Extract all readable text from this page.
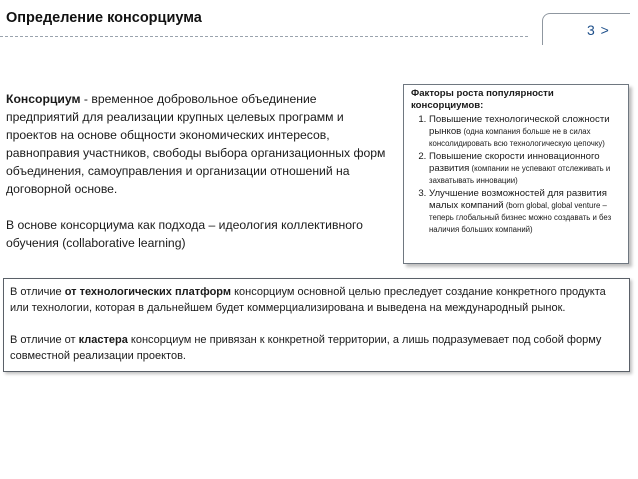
Определение консорциума
3 >

Консорциум - временное добровольное объединение предприятий для реализации крупных целевых программ и проектов на основе общности экономических интересов, равноправия участников, свободы выбора организационных форм объединения, самоуправления и организации отношений на договорной основе.

В основе консорциума как подхода – идеология коллективного обучения (collaborative learning)

Факторы роста популярности консорциумов:
1. Повышение технологической сложности рынков (одна компания больше не в силах консолидировать всю технологическую цепочку)
2. Повышение скорости инновационного развития (компании не успевают отслеживать и захватывать инновации)
3. Улучшение возможностей для развития малых компаний (born global, global venture – теперь глобальный бизнес можно создавать и без наличия больших компаний)

В отличие от технологических платформ консорциум основной целью преследует создание конкретного продукта или технологии, которая в дальнейшем будет коммерциализирована и выведена на международный рынок.

В отличие от кластера консорциум не привязан к конкретной территории, а лишь подразумевает под собой форму совместной реализации проектов.
